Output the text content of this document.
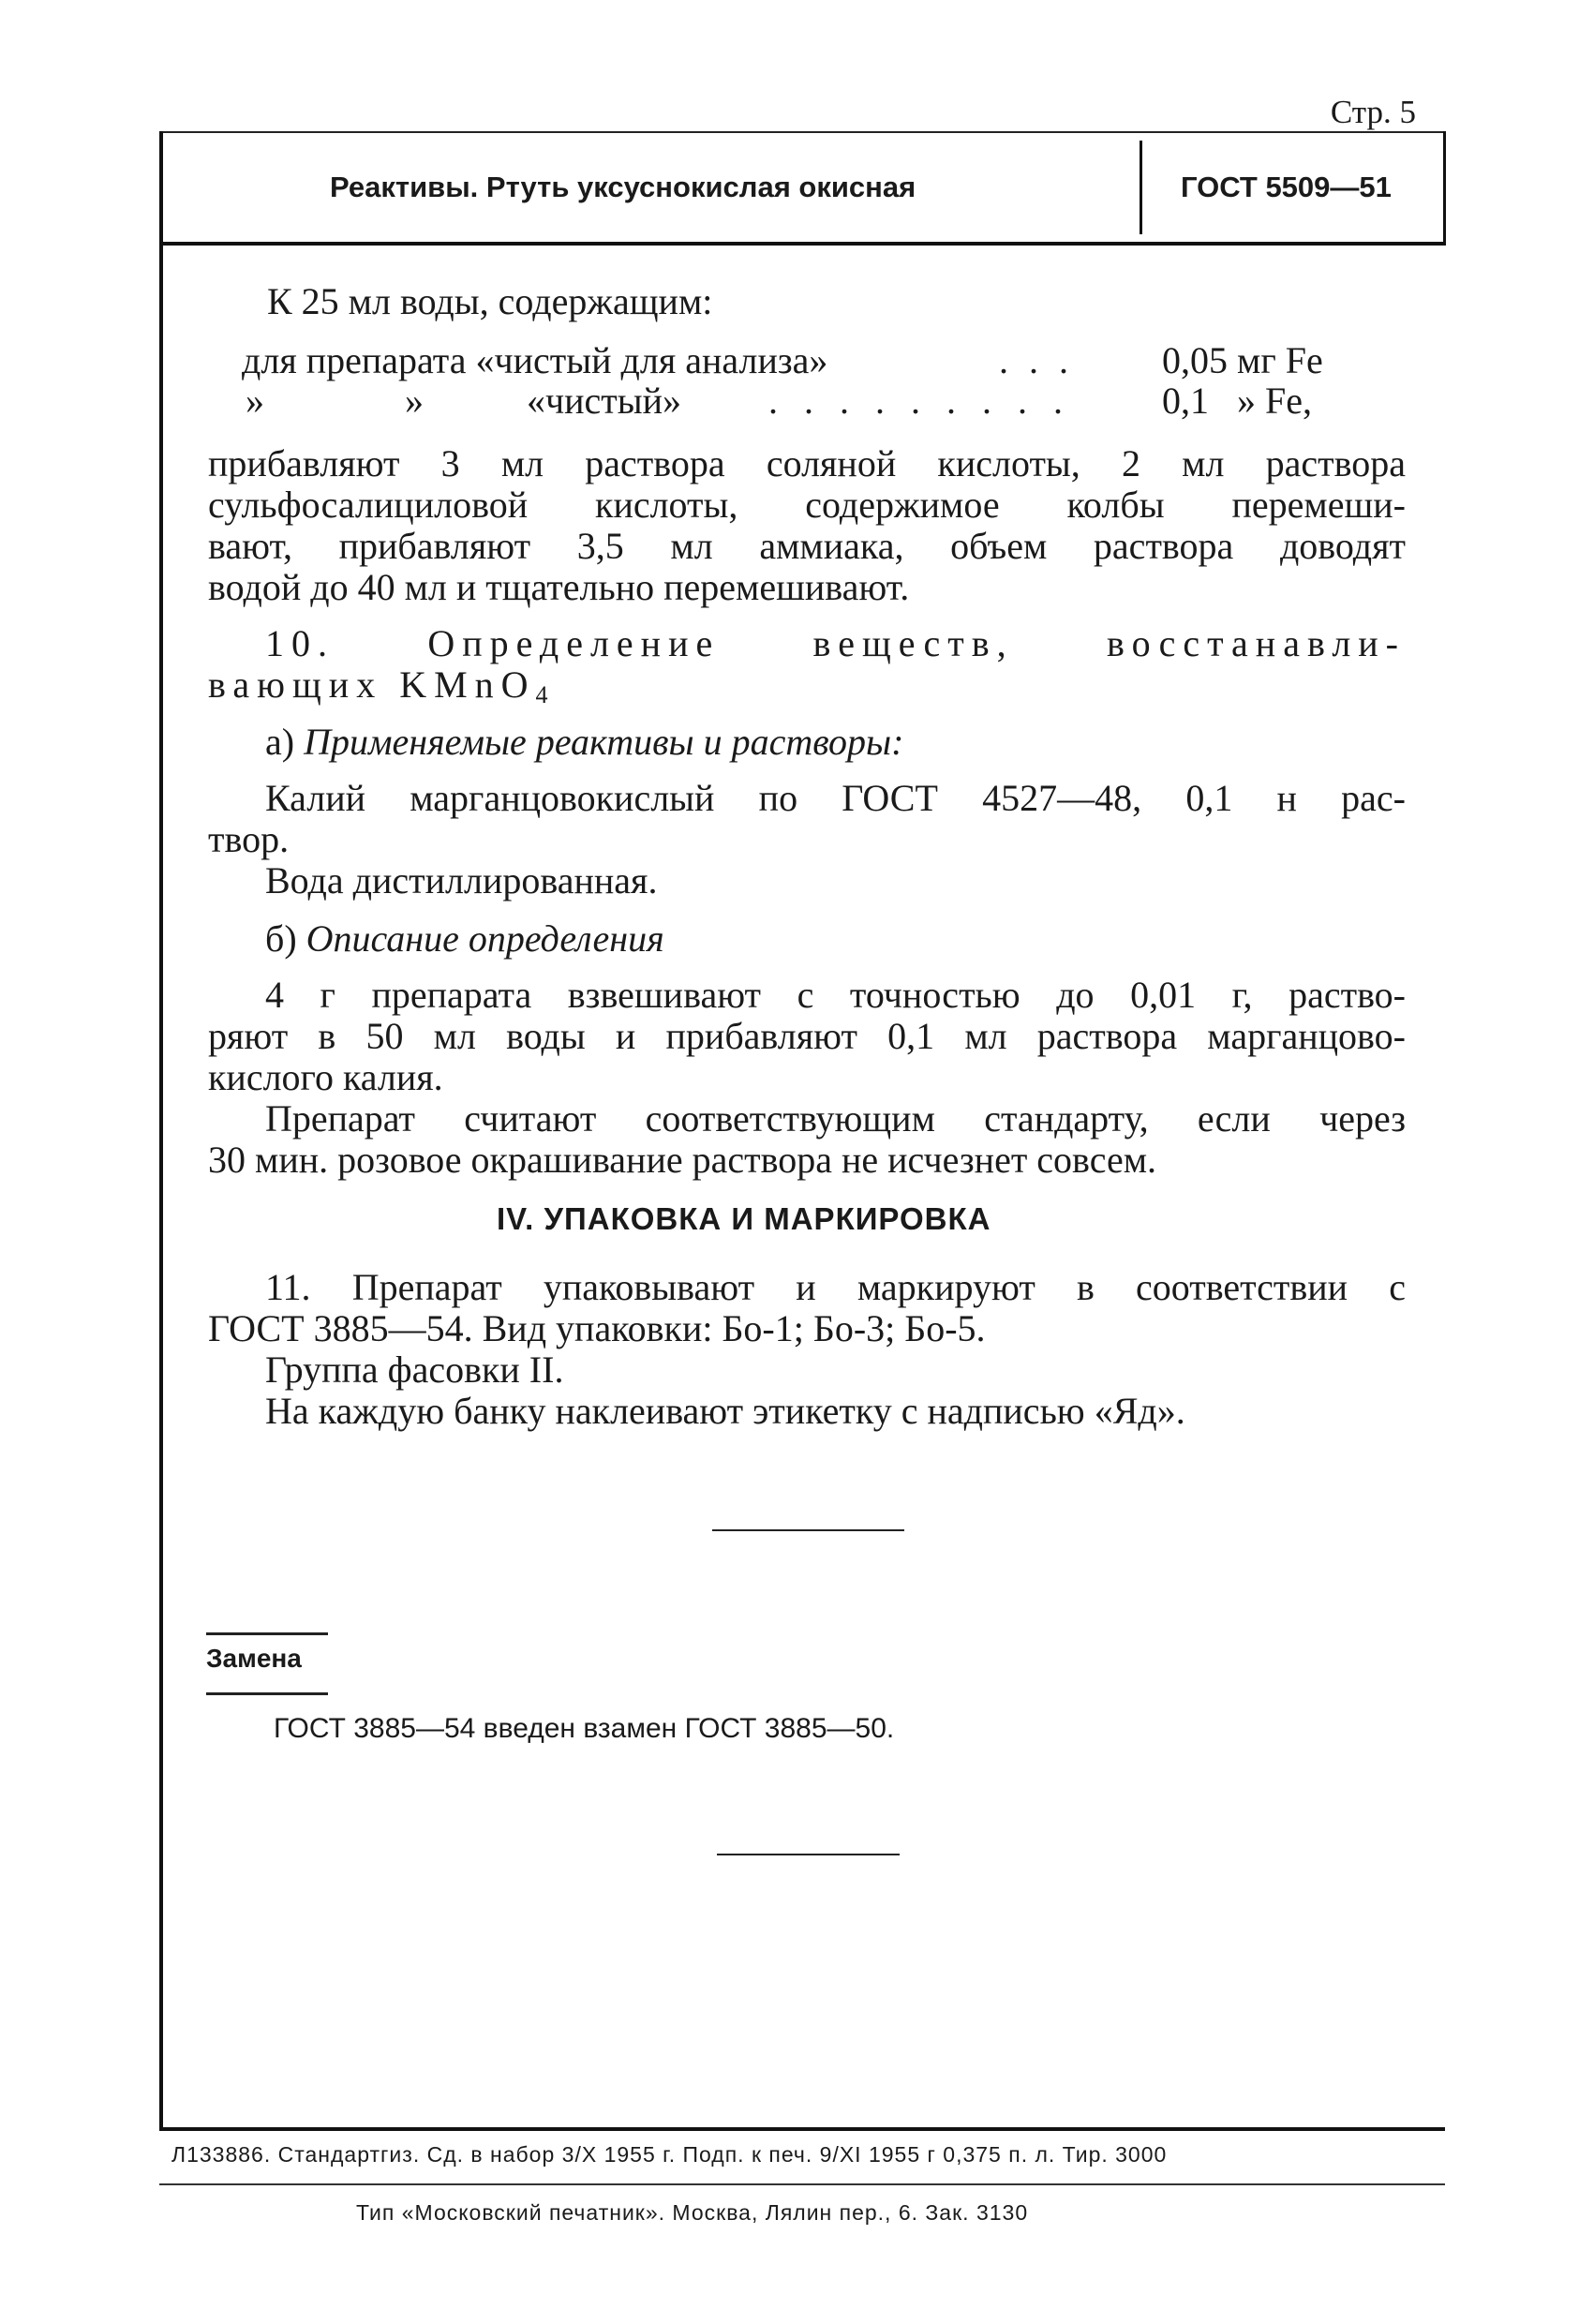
Стр. 5
Реактивы. Ртуть уксуснокислая окисная	ГОСТ 5509—51
К 25 мл воды, содержащим:
для препарата «чистый для анализа»	. . . 0,05 мг Fe
»	»	«чистый» . . . . . . . . . 0,1   » Fe,
прибавляют 3 мл раствора соляной кислоты, 2 мл раствора
сульфосалициловой кислоты, содержимое колбы перемеши-
вают, прибавляют 3,5 мл аммиака, объем раствора доводят
водой до 40 мл и тщательно перемешивают.
10. Определение веществ, восстанавли-
вающих KMnO$_4$
а) Применяемые реактивы и растворы:
Калий марганцовокислый по ГОСТ 4527—48, 0,1 н рас-
твор.
Вода дистиллированная.
б) Описание определения
4 г препарата взвешивают с точностью до 0,01 г, раство-
ряют в 50 мл воды и прибавляют 0,1 мл раствора марганцово-
кислого калия.
Препарат считают соответствующим стандарту, если через
30 мин. розовое окрашивание раствора не исчезнет совсем.
IV. УПАКОВКА И МАРКИРОВКА
11. Препарат упаковывают и маркируют в соответствии с
ГОСТ 3885—54. Вид упаковки: Бо-1; Бо-3; Бо-5.
Группа фасовки II.
На каждую банку наклеивают этикетку с надписью «Яд».
Замена
ГОСТ 3885—54 введен взамен ГОСТ 3885—50.
Л133886. Стандартгиз. Сд. в набор 3/X 1955 г. Подп. к печ. 9/XI 1955 г 0,375 п. л. Тир. 3000
Тип «Московский печатник». Москва, Лялин пер., 6. Зак. 3130
